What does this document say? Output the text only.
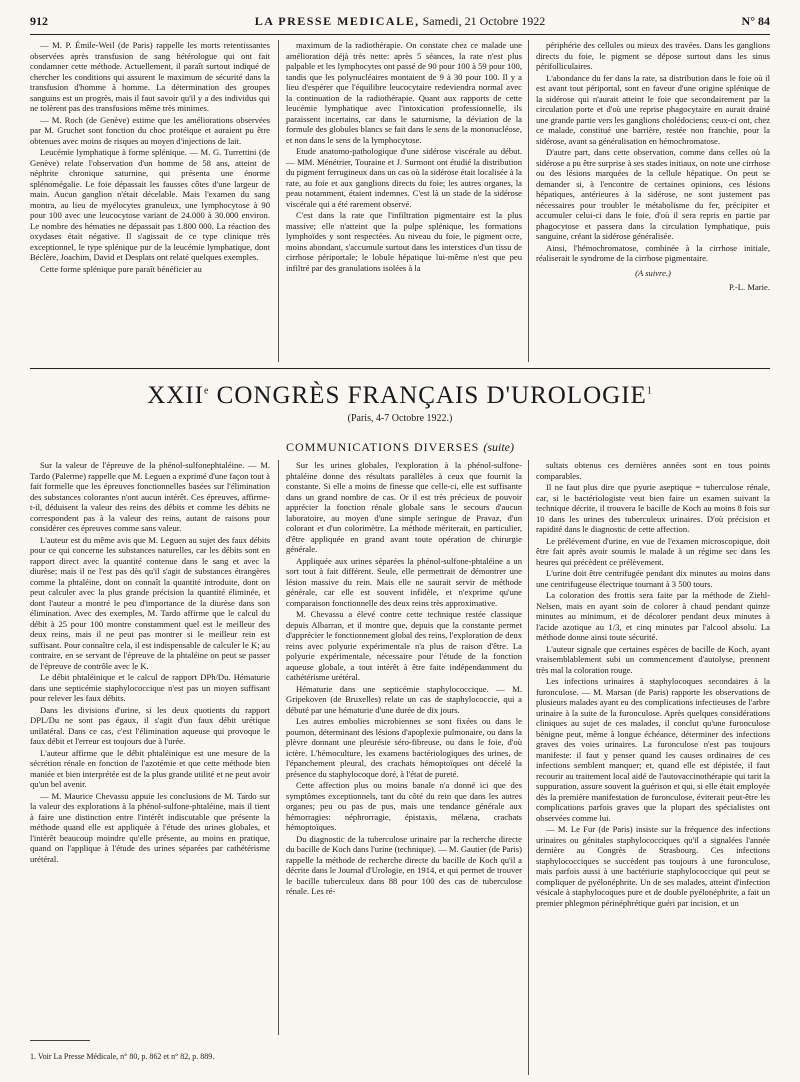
912	LA PRESSE MEDICALE, Samedi, 21 Octobre 1922	N° 84

— M. P. Émile-Weil (de Paris) rappelle les morts retentissantes observées après transfusion de sang hétérologue qui ont fait condamner cette méthode. Actuellement, il paraît surtout indiqué de chercher les conditions qui assurent le maximum de sécurité dans la transfusion d'homme à homme. La détermination des groupes sanguins est un progrès, mais il faut savoir qu'il y a des individus qui ne tolèrent pas des transfusions même très minimes.

— M. Roch (de Genève) estime que les améliorations observées par M. Gruchet sont fonction du choc protéique et auraient pu être obtenues avec moins de risques au moyen d'injections de lait.

Leucémie lymphatique à forme splénique. — M. G. Turrettini (de Genève) relate l'observation d'un homme de 58 ans, atteint de néphrite chronique saturnine, qui présenta une énorme splénomégalie. Le foie dépassait les fausses côtes d'une largeur de main. Aucun ganglion n'était décelable. Mais l'examen du sang montra, au lieu de myélocytes granuleux, une lymphocytose à 90 pour 100 avec une leucocytose variant de 24.000 à 30.000 environ. Le nombre des hématies ne dépassait pas 1.800 000. La réaction des oxydases était négative. Il s'agissait de ce type clinique très exceptionnel, le type splénique pur de la leucémie lymphatique, dont Béclère, Joachim, David et Desplats ont relaté quelques exemples.

Cette forme splénique pure paraît bénéficier au

maximum de la radiothérapie. On constate chez ce malade une amélioration déjà très nette: après 5 séances, la rate n'est plus palpable et les lymphocytes ont passé de 90 pour 100 à 59 pour 100, tandis que les polynucléaires montaient de 9 à 30 pour 100. Il y a lieu d'espérer que l'équilibre leucocytaire redeviendra normal avec la continuation de la radiothérapie. Quant aux rapports de cette leucémie lymphatique avec l'intoxication professionnelle, ils paraissent incertains, car dans le saturnisme, la déviation de la formule des globules blancs se fait dans le sens de la mononucléose, et non dans le sens de la lymphocytose.

Etude anatomo-pathologique d'une sidérose viscérale au début. — MM. Ménétrier, Touraine et J. Surmont ont étudié la distribution du pigment ferrugineux dans un cas où la sidérose était localisée à la rate, au foie et aux ganglions directs du foie; les autres organes, la peau notamment, étaient indemnes. C'est là un stade de la sidérose viscérale qui a été rarement observé.

C'est dans la rate que l'infiltration pigmentaire est la plus massive; elle n'atteint que la pulpe splénique, les formations lymphoïdes y sont respectées. Au niveau du foie, le pigment ocre, moins abondant, s'accumule surtout dans les interstices d'un tissu de cirrhose périportale; le lobule hépatique lui-même n'est que peu infiltré par des granulations isolées à la

périphérie des cellules ou mieux des travées. Dans les ganglions directs du foie, le pigment se dépose surtout dans les sinus périfolliculaires.

L'abondance du fer dans la rate, sa distribution dans le foie où il est avant tout périportal, sont en faveur d'une origine splénique de la sidérose qui n'aurait atteint le foie que secondairement par la circulation porte et d'où une reprise phagocytaire en aurait drainé une grande partie vers les ganglions cholédociens; ceux-ci ont, chez ce malade, constitué une barrière, restée non franchie, pour la sidérose, avant sa généralisation en hémochromatose.

D'autre part, dans cette observation, comme dans celles où la sidérose a pu être surprise à ses stades initiaux, on note une cirrhose ou des lésions marquées de la cellule hépatique. On peut se demander si, à l'encontre de certaines opinions, ces lésions hépatiques, antérieures à la sidérose, ne sont justement pas nécessaires pour troubler le métabolisme du fer, précipiter et accumuler celui-ci dans le foie, d'où il sera repris en partie par phagocytose et passera dans la circulation lymphatique, puis sanguine, créant la sidérose généralisée.

Ainsi, l'hémochromatose, combinée à la cirrhose initiale, réaliserait le syndrome de la cirrhose pigmentaire.

(A suivre.)
P.-L. Marie.
XXIIe CONGRÈS FRANÇAIS D'UROLOGIE$^1$
(Paris, 4-7 Octobre 1922.)
COMMUNICATIONS DIVERSES (suite)

Sur la valeur de l'épreuve de la phénol-sulfonephtaléine. — M. Tardo (Palerme) rappelle que M. Leguen a exprimé d'une façon tout à fait formelle que les épreuves fonctionnelles basées sur l'élimination des substances colorantes n'ont aucun intérêt. Ces épreuves, affirme-t-il, déduisent la valeur des reins des débits et comme les débits ne correspondent pas à la valeur des reins, autant de raisons pour considérer ces épreuves comme sans valeur.

L'auteur est du même avis que M. Leguen au sujet des faux débits pour ce qui concerne les substances naturelles, car les débits sont en rapport direct avec la quantité contenue dans le sang et avec la diurèse; mais il ne l'est pas dès qu'il s'agit de substances étrangères comme la phtaléine, dont on connaît la quantité introduite, dont on peut calculer avec la plus grande précision la quantité éliminée, et dont l'auteur a montré le peu d'importance de la diurèse dans son élimination. Avec des exemples, M. Tardo affirme que le calcul du débit à 25 pour 100 montre constamment quel est le meilleur des deux reins, mais il ne peut pas montrer si le meilleur rein est suffisant. Pour connaître cela, il est indispensable de calculer le K; au contraire, en se servant de l'épreuve de la phtaléine on peut se passer de l'épreuve de contrôle avec le K.

Le débit phtaléinique et le calcul de rapport DPh/Du. Hématurie dans une septicémie staphylococcique n'est pas un moyen suffisant pour relever les faux débits.

Dans les divisions d'urine, si les deux quotients du rapport DPL/Du ne sont pas égaux, il s'agit d'un faux débit urétique unilatéral. Dans ce cas, c'est l'élimination aqueuse qui provoque le faux débit et l'erreur est toujours due à l'urée.

L'auteur affirme que le débit phtaléinique est une mesure de la sécrétion rénale en fonction de l'azotémie et que cette méthode bien maniée et bien interprétée est de la plus grande utilité et ne peut avoir qu'un bel avenir.

— M. Maurice Chevassu appuie les conclusions de M. Tardo sur la valeur des explorations à la phénol-sulfone-phtaléine, mais il tient à faire une distinction entre l'intérêt indiscutable que présente la méthode quand elle est appliquée à l'étude des urines globales, et l'intérêt beaucoup moindre qu'elle présente, au moins en pratique, quand on l'applique à l'étude des urines séparées par cathétérisme urétéral.

Sur les urines globales, l'exploration à la phénol-sulfone-phtaléine donne des résultats parallèles à ceux que fournit la constante. Si elle a moins de finesse que celle-ci, elle est suffisante dans un grand nombre de cas. Or il est très précieux de pouvoir apprécier la fonction rénale globale sans le secours d'aucun laboratoire, au moyen d'une simple seringue de Pravaz, d'un colorant et d'un colorimètre. La méthode mériterait, en particulier, d'être appliquée en grand avant toute opération de chirurgie générale.

Appliquée aux urines séparées la phénol-sulfone-phtaléine a un sort tout à fait différent. Seule, elle permettrait de démontrer une lésion massive du rein. Mais elle ne saurait servir de méthode générale, car elle est souvent infidèle, et n'exprime qu'une comparaison fonctionnelle des deux reins très approximative.

M. Chevassu a élevé contre cette technique restée classique depuis Albarran, et il montre que, depuis que la constante permet d'apprécier le fonctionnement global des reins, l'exploration de deux reins avec polyurie expérimentale n'a plus de raison d'être. La polyurie expérimentale, nécessaire pour l'étude de la fonction aqueuse globale, a tout intérêt à être faite indépendamment du cathétérisme urétéral.

Hématurie dans une septicémie staphylococcique. — M. Gripekoven (de Bruxelles) relate un cas de staphylococcie, qui a débuté par une hématurie d'une durée de dix jours.

Les autres embolies microbiennes se sont fixées ou dans le poumon, déterminant des lésions d'apoplexie pulmonaire, ou dans la plèvre donnant une pleurésie séro-fibreuse, ou dans le foie, d'où ictère. L'hémoculture, les examens bactériologiques des urines, de l'épanchement pleural, des crachats hémoptoïques ont décelé la présence du staphylocoque doré, à l'état de pureté.

Cette affection plus ou moins banale n'a donné ici que des symptômes exceptionnels, tant du côté du rein que dans les autres organes; peu ou pas de pus, mais une tendance générale aux hémorragies: néphrorragie, épistaxis, mélæna, crachats hémoptoïques.

Du diagnostic de la tuberculose urinaire par la recherche directe du bacille de Koch dans l'urine (technique). — M. Gautier (de Paris) rappelle la méthode de recherche directe du bacille de Koch qu'il a décrite dans le Journal d'Urologie, en 1914, et qui permet de trouver le bacille tuberculeux dans 88 pour 100 des cas de tuberculose rénale. Les ré-

sultats obtenus ces dernières années sont en tous points comparables.

Il ne faut plus dire que pyurie aseptique = tuberculose rénale, car, si le bactériologiste veut bien faire un examen suivant la technique décrite, il trouvera le bacille de Koch au moins 8 fois sur 10 dans les urines des tuberculeux urinaires. D'où précision et rapidité dans le diagnostic de cette affection.

Le prélèvement d'urine, en vue de l'examen microscopique, doit être fait après avoir soumis le malade à un régime sec dans les heures qui précèdent ce prélèvement.

L'urine doit être centrifugée pendant dix minutes au moins dans une centrifugeuse électrique tournant à 3 500 tours.

La coloration des frottis sera faite par la méthode de Ziehl-Nelsen, mais en ayant soin de colorer à chaud pendant quinze minutes au minimum, et de décolorer pendant deux minutes à l'acide azotique au 1/3, et cinq minutes par l'alcool absolu. La méthode donne ainsi toute sécurité.

L'auteur signale que certaines espèces de bacille de Koch, ayant vraisemblablement subi un commencement d'autolyse, prennent très mal la coloration rouge.

Les infections urinaires à staphylocoques secondaires à la furonculose. — M. Marsan (de Paris) rapporte les observations de plusieurs malades ayant eu des complications infectieuses de l'arbre urinaire à la suite de la furonculose. Après quelques considérations cliniques au sujet de ces malades, il conclut qu'une furonculose bénigne peut, même à longue échéance, déterminer des infections graves des voies urinaires. La furonculose n'est pas toujours manifeste: il faut y penser quand les causes ordinaires de ces infections semblent manquer; et, quand elle est dépistée, il faut recourir au traitement local aidé de l'autovaccinothérapie qui tarit la suppuration, assure souvent la guérison et qui, si elle était employée dès la première manifestation de furonculose, éviterait peut-être les complications parfois graves que la plupart des spécialistes ont observées comme lui.

— M. Le Fur (de Paris) insiste sur la fréquence des infections urinaires ou génitales staphylococciques qu'il a signalées l'année dernière au Congrès de Strasbourg. Ces infections staphylococciques se succèdent pas toujours à une furonculose, mais parfois aussi à une bactériurie staphylococcique qui peut se compliquer de pyélonéphrite. Un de ses malades, atteint d'infection vésicale à staphylocoques pure et de double pyélonéphrite, a fait un premier phlegmon périnéphrétique guéri par incision, et un

1. Voir La Presse Médicale, n° 80, p. 862 et n° 82, p. 889.
